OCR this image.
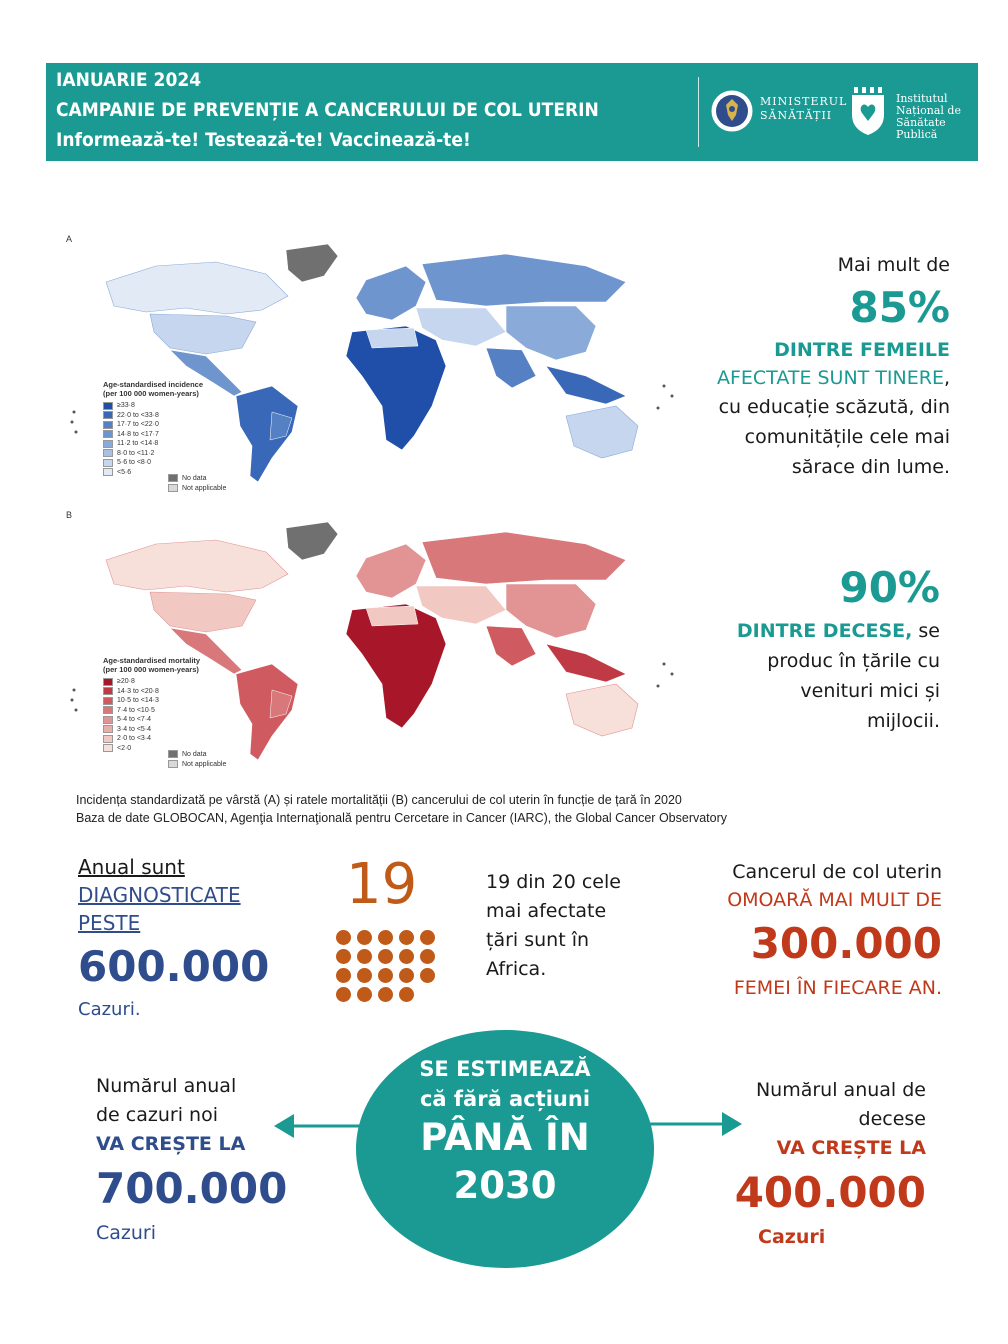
IANUARIE 2024
CAMPANIE DE PREVENȚIE A CANCERULUI DE COL UTERIN
Informează-te! Testează-te! Vaccinează-te!
MINISTERUL
SĂNĂTĂȚII
Institutul
Național de
Sănătate Publică
A
Age-standardised incidence
(per 100 000 women-years)
≥33·8
22·0 to <33·8
17·7 to <22·0
14·8 to <17·7
11·2 to <14·8
8·0 to <11·2
5·6 to <8·0
<5·6
No data
Not applicable
B
Age-standardised mortality
(per 100 000 women-years)
≥20·8
14·3 to <20·8
10·5 to <14·3
7·4 to <10·5
5·4 to <7·4
3·4 to <5·4
2·0 to <3·4
<2·0
No data
Not applicable
Mai mult de
85%
DINTRE FEMEILE
AFECTATE SUNT TINERE,
cu educație scăzută, din
comunitățile cele mai
sărace din lume.
90%
DINTRE DECESE, se
produc în țările cu
venituri mici și
mijlocii.
Incidența standardizată pe vârstă (A) și ratele mortalității (B) cancerului de col uterin în funcție de țară în 2020
Baza de date GLOBOCAN, Agenţia Internaţională pentru Cercetare in Cancer (IARC), the Global Cancer Observatory
Anual sunt
DIAGNOSTICATE
PESTE
600.000
Cazuri.
19	19 din 20 cele
mai afectate
țări sunt în
Africa.
Cancerul de col uterin
OMOARĂ MAI MULT DE
300.000
FEMEI ÎN FIECARE AN.
SE ESTIMEAZĂ
că fără acțiuni
PÂNĂ ÎN
2030
Numărul anual
de cazuri noi
VA CREȘTE LA
700.000
Cazuri
Numărul anual de
decese
VA CREȘTE LA
400.000
Cazuri
